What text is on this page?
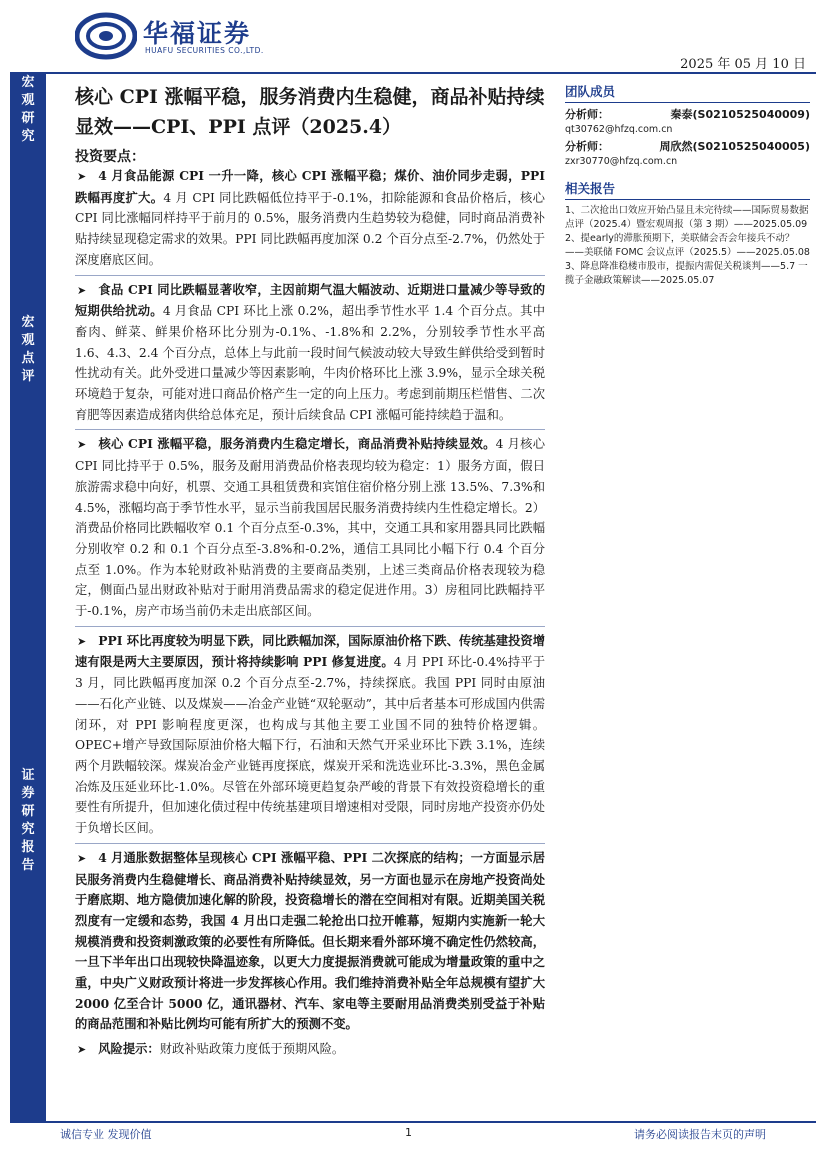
华福证券
HUAFU SECURITIES CO.,LTD.
2025 年 05 月 10 日
宏
观
研
究
宏
观
点
评
证
券
研
究
报
告
核心 CPI 涨幅平稳，服务消费内生稳健，商品补贴持续显效——CPI、PPI 点评（2025.4）
投资要点：
➤ 4 月食品能源 CPI 一升一降，核心 CPI 涨幅平稳；煤价、油价同步走弱，PPI 跌幅再度扩大。4 月 CPI 同比跌幅低位持平于-0.1%，扣除能源和食品价格后，核心 CPI 同比涨幅同样持平于前月的 0.5%，服务消费内生趋势较为稳健，同时商品消费补贴持续显现稳定需求的效果。PPI 同比跌幅再度加深 0.2 个百分点至-2.7%，仍然处于深度磨底区间。
➤ 食品 CPI 同比跌幅显著收窄，主因前期气温大幅波动、近期进口量减少等导致的短期供给扰动。4 月食品 CPI 环比上涨 0.2%，超出季节性水平 1.4 个百分点。其中畜肉、鲜菜、鲜果价格环比分别为-0.1%、-1.8%和 2.2%，分别较季节性水平高 1.6、4.3、2.4 个百分点，总体上与此前一段时间气候波动较大导致生鲜供给受到暂时性扰动有关。此外受进口量减少等因素影响，牛肉价格环比上涨 3.9%，显示全球关税环境趋于复杂，可能对进口商品价格产生一定的向上压力。考虑到前期压栏惜售、二次育肥等因素造成猪肉供给总体充足，预计后续食品 CPI 涨幅可能持续趋于温和。
➤ 核心 CPI 涨幅平稳，服务消费内生稳定增长，商品消费补贴持续显效。4 月核心 CPI 同比持平于 0.5%，服务及耐用消费品价格表现均较为稳定：1）服务方面，假日旅游需求稳中向好，机票、交通工具租赁费和宾馆住宿价格分别上涨 13.5%、7.3%和 4.5%，涨幅均高于季节性水平，显示当前我国居民服务消费持续内生性稳定增长。2）消费品价格同比跌幅收窄 0.1 个百分点至-0.3%，其中，交通工具和家用器具同比跌幅分别收窄 0.2 和 0.1 个百分点至-3.8%和-0.2%，通信工具同比小幅下行 0.4 个百分点至 1.0%。作为本轮财政补贴消费的主要商品类别，上述三类商品价格表现较为稳定，侧面凸显出财政补贴对于耐用消费品需求的稳定促进作用。3）房租同比跌幅持平于-0.1%，房产市场当前仍未走出底部区间。
➤ PPI 环比再度较为明显下跌，同比跌幅加深，国际原油价格下跌、传统基建投资增速有限是两大主要原因，预计将持续影响 PPI 修复进度。4 月 PPI 环比-0.4%持平于 3 月，同比跌幅再度加深 0.2 个百分点至-2.7%，持续探底。我国 PPI 同时由原油——石化产业链、以及煤炭——冶金产业链“双轮驱动”，其中后者基本可形成国内供需闭环，对 PPI 影响程度更深，也构成与其他主要工业国不同的独特价格逻辑。OPEC+增产导致国际原油价格大幅下行，石油和天然气开采业环比下跌 3.1%，连续两个月跌幅较深。煤炭冶金产业链再度探底，煤炭开采和洗选业环比-3.3%，黑色金属冶炼及压延业环比-1.0%。尽管在外部环境更趋复杂严峻的背景下有效投资稳增长的重要性有所提升，但加速化债过程中传统基建项目增速相对受限，同时房地产投资亦仍处于负增长区间。
➤ 4 月通胀数据整体呈现核心 CPI 涨幅平稳、PPI 二次探底的结构；一方面显示居民服务消费内生稳健增长、商品消费补贴持续显效，另一方面也显示在房地产投资尚处于磨底期、地方隐债加速化解的阶段，投资稳增长的潜在空间相对有限。近期美国关税烈度有一定缓和态势，我国 4 月出口走强二轮抢出口拉开帷幕，短期内实施新一轮大规模消费和投资刺激政策的必要性有所降低。但长期来看外部环境不确定性仍然较高，一旦下半年出口出现较快降温迹象，以更大力度提振消费就可能成为增量政策的重中之重，中央广义财政预计将进一步发挥核心作用。我们维持消费补贴全年总规模有望扩大 2000 亿至合计 5000 亿，通讯器材、汽车、家电等主要耐用品消费类别受益于补贴的商品范围和补贴比例均可能有所扩大的预测不变。
➤ 风险提示：财政补贴政策力度低于预期风险。
团队成员
分析师：	秦泰(S0210525040009)
qt30762@hfzq.com.cn
分析师：	周欣然(S0210525040005)
zxr30770@hfzq.com.cn
相关报告
1、二次抢出口效应开始凸显且未完待续——国际贸易数据点评（2025.4）暨宏观周报（第 3 期）——2025.05.09
2、提early的滞胀预期下，美联储会否会年接兵不动？——美联储 FOMC 会议点评（2025.5）——2025.05.08
3、降息降准稳楼市股市，提振内需促关税谈判——5.7 一揽子金融政策解读——2025.05.07
诚信专业 发现价值	1	请务必阅读报告末页的声明
